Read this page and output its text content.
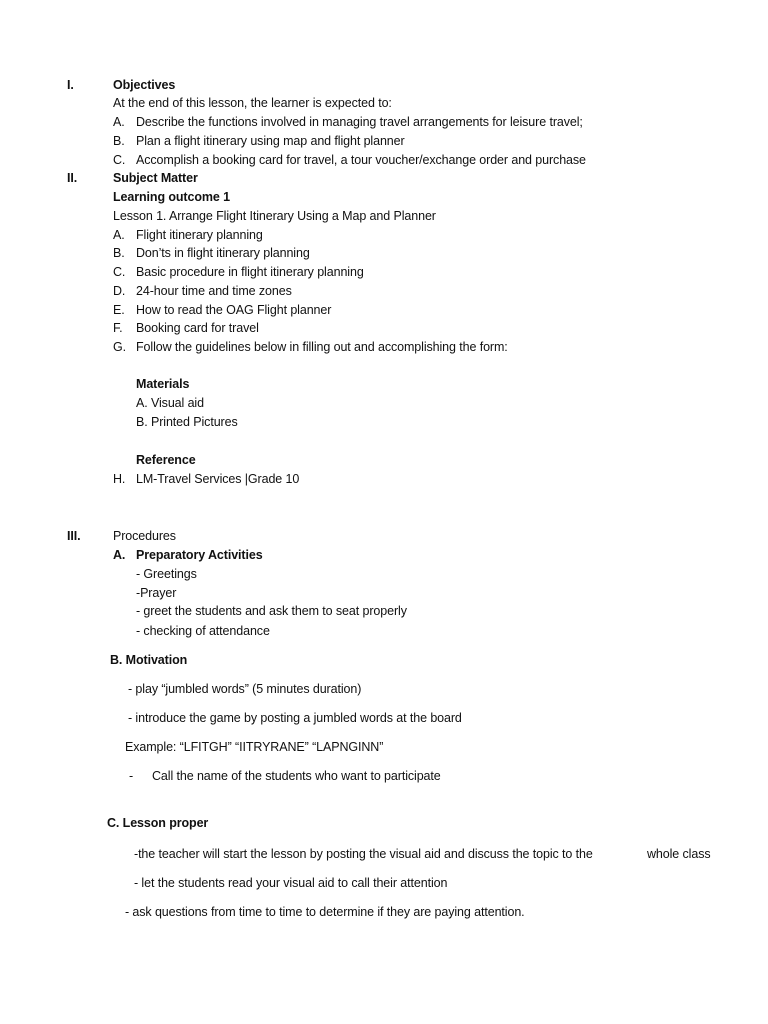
I.	Objectives
At the end of this lesson, the learner is expected to:
A. Describe the functions involved in managing travel arrangements for leisure travel;
B. Plan a flight itinerary using map and flight planner
C. Accomplish a booking card for travel, a tour voucher/exchange order and purchase
II.	Subject Matter
Learning outcome 1
Lesson 1. Arrange Flight Itinerary Using a Map and Planner
A. Flight itinerary planning
B. Don’ts in flight itinerary planning
C. Basic procedure in flight itinerary planning
D. 24-hour time and time zones
E. How to read the OAG Flight planner
F. Booking card for travel
G. Follow the guidelines below in filling out and accomplishing the form:
Materials
A. Visual aid
B. Printed Pictures
Reference
H. LM-Travel Services |Grade 10
III.	Procedures
A. Preparatory Activities
- Greetings
-Prayer
- greet the students and ask them to seat properly
- checking of attendance
B. Motivation
- play “jumbled words” (5 minutes duration)
- introduce the game by posting a jumbled words at the board
Example: “LFITGH” “IITRYRANE” “LAPNGINN”
- Call the name of the students who want to participate
C. Lesson proper
-the teacher will start the lesson by posting the visual aid and discuss the topic to the	whole class
- let the students read your visual aid to call their attention
- ask questions from time to time to determine if they are paying attention.
